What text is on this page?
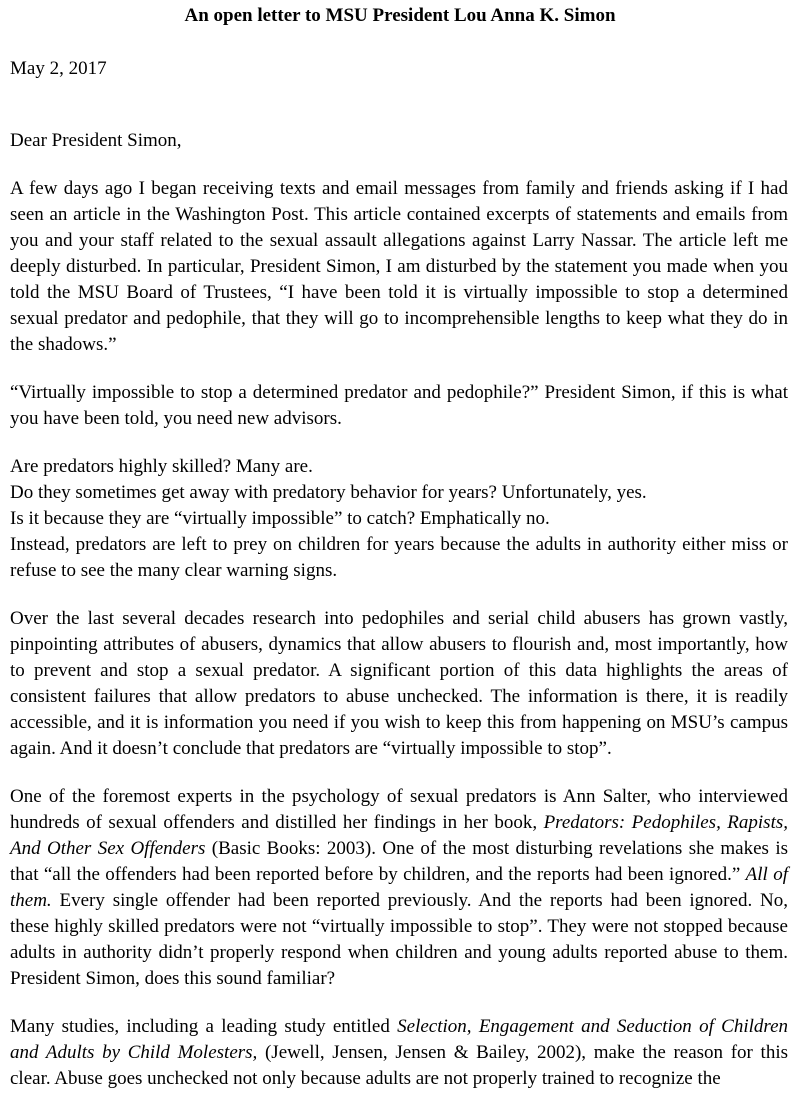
An open letter to MSU President Lou Anna K. Simon

May 2, 2017

Dear President Simon,

A few days ago I began receiving texts and email messages from family and friends asking if I had seen an article in the Washington Post. This article contained excerpts of statements and emails from you and your staff related to the sexual assault allegations against Larry Nassar. The article left me deeply disturbed. In particular, President Simon, I am disturbed by the statement you made when you told the MSU Board of Trustees, “I have been told it is virtually impossible to stop a determined sexual predator and pedophile, that they will go to incomprehensible lengths to keep what they do in the shadows.”

“Virtually impossible to stop a determined predator and pedophile?” President Simon, if this is what you have been told, you need new advisors.

Are predators highly skilled? Many are.
Do they sometimes get away with predatory behavior for years? Unfortunately, yes.
Is it because they are “virtually impossible” to catch? Emphatically no.
Instead, predators are left to prey on children for years because the adults in authority either miss or refuse to see the many clear warning signs.

Over the last several decades research into pedophiles and serial child abusers has grown vastly, pinpointing attributes of abusers, dynamics that allow abusers to flourish and, most importantly, how to prevent and stop a sexual predator. A significant portion of this data highlights the areas of consistent failures that allow predators to abuse unchecked. The information is there, it is readily accessible, and it is information you need if you wish to keep this from happening on MSU’s campus again. And it doesn’t conclude that predators are “virtually impossible to stop”.

One of the foremost experts in the psychology of sexual predators is Ann Salter, who interviewed hundreds of sexual offenders and distilled her findings in her book, Predators: Pedophiles, Rapists, And Other Sex Offenders (Basic Books: 2003). One of the most disturbing revelations she makes is that “all the offenders had been reported before by children, and the reports had been ignored.” All of them. Every single offender had been reported previously. And the reports had been ignored. No, these highly skilled predators were not “virtually impossible to stop”. They were not stopped because adults in authority didn’t properly respond when children and young adults reported abuse to them. President Simon, does this sound familiar?

Many studies, including a leading study entitled Selection, Engagement and Seduction of Children and Adults by Child Molesters, (Jewell, Jensen, Jensen & Bailey, 2002), make the reason for this clear. Abuse goes unchecked not only because adults are not properly trained to recognize the
